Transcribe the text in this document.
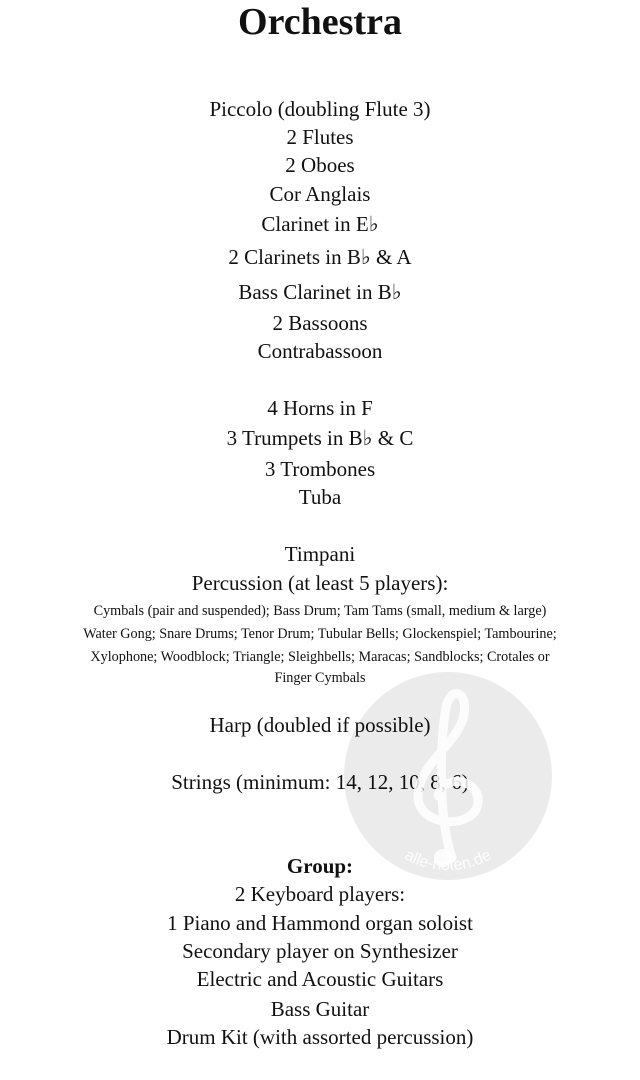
Orchestra
Piccolo (doubling Flute 3)
2 Flutes
2 Oboes
Cor Anglais
Clarinet in E♭
2 Clarinets in B♭ & A
Bass Clarinet in B♭
2 Bassoons
Contrabassoon
4 Horns in F
3 Trumpets in B♭ & C
3 Trombones
Tuba
Timpani
Percussion (at least 5 players):
Cymbals (pair and suspended); Bass Drum; Tam Tams (small, medium & large)
Water Gong; Snare Drums; Tenor Drum; Tubular Bells; Glockenspiel; Tambourine;
Xylophone; Woodblock; Triangle; Sleighbells; Maracas; Sandblocks; Crotales or
Finger Cymbals
Harp (doubled if possible)
Strings (minimum: 14, 12, 10, 8, 6)
Group:
2 Keyboard players:
1 Piano and Hammond organ soloist
Secondary player on Synthesizer
Electric and Acoustic Guitars
Bass Guitar
Drum Kit (with assorted percussion)
alle-noten.de
